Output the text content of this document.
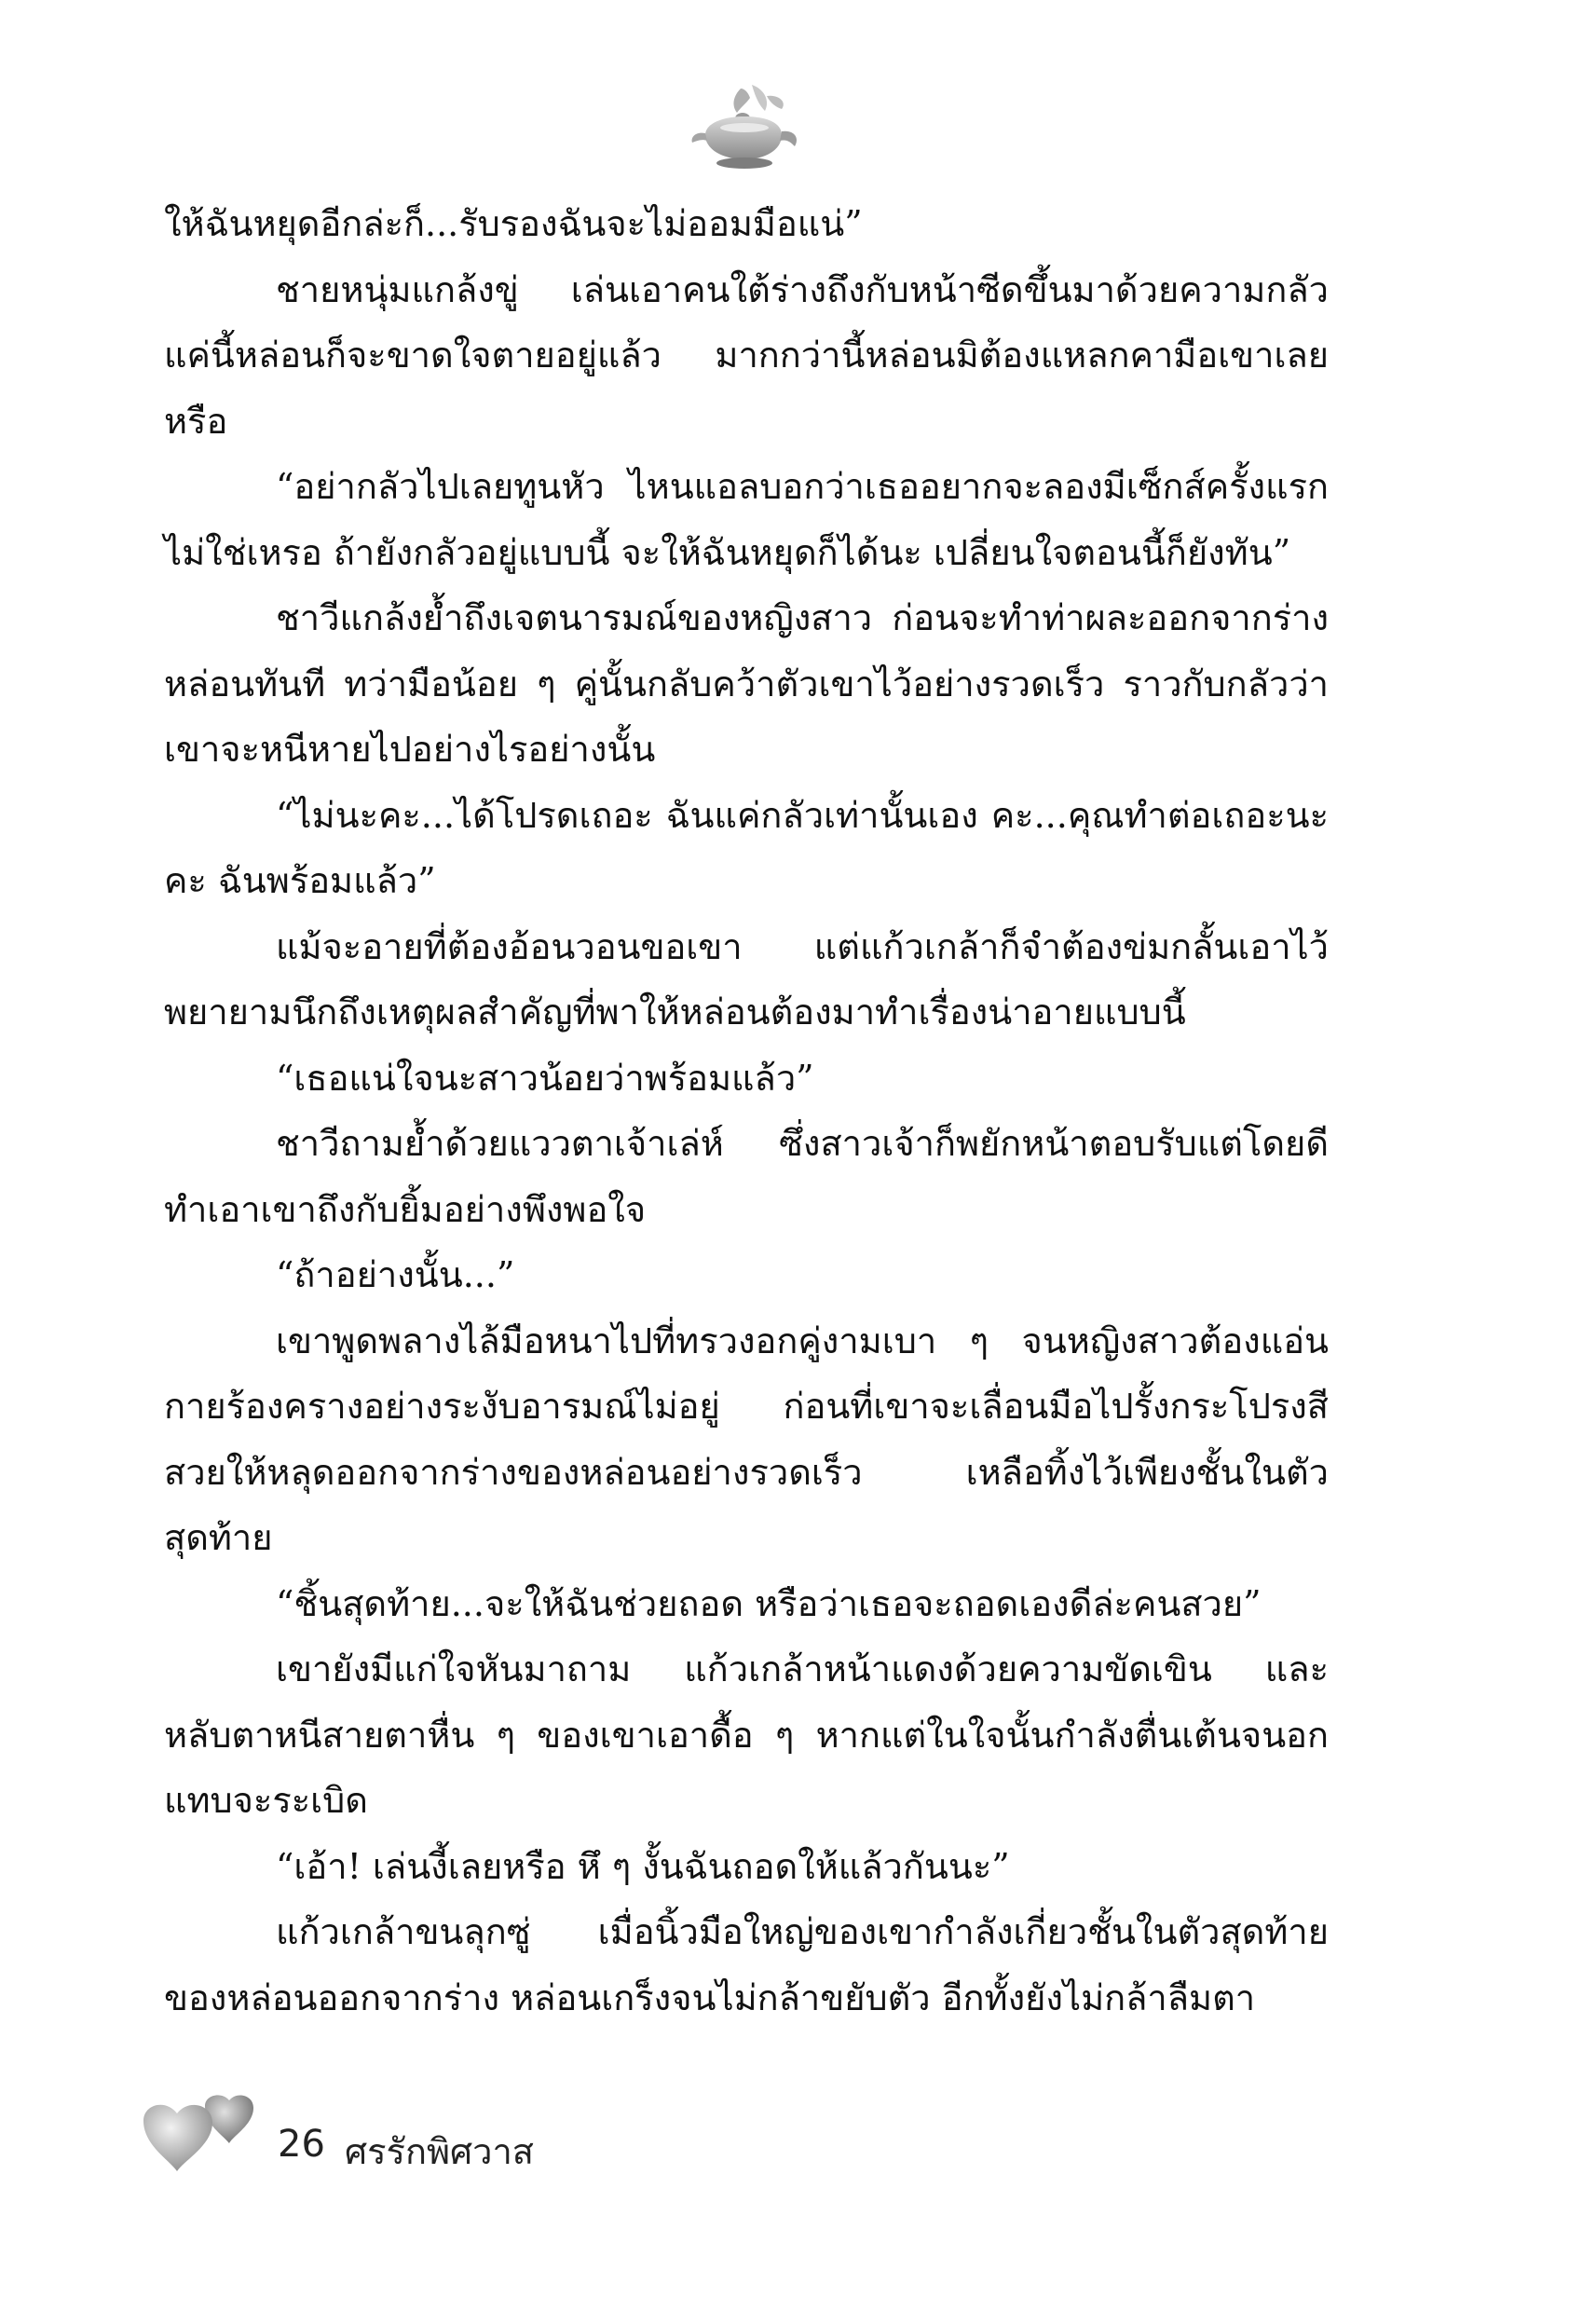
ให้ฉันหยุดอีกล่ะก็...รับรองฉันจะไม่ออมมือแน่”

ชายหนุ่มแกล้งขู่ เล่นเอาคนใต้ร่างถึงกับหน้าซีดขึ้นมาด้วยความกลัว แค่นี้หล่อนก็จะขาดใจตายอยู่แล้ว มากกว่านี้หล่อนมิต้องแหลกคามือเขาเลยหรือ

“อย่ากลัวไปเลยทูนหัว ไหนแอลบอกว่าเธออยากจะลองมีเซ็กส์ครั้งแรกไม่ใช่เหรอ ถ้ายังกลัวอยู่แบบนี้ จะให้ฉันหยุดก็ได้นะ เปลี่ยนใจตอนนี้ก็ยังทัน”

ชาวีแกล้งย้ำถึงเจตนารมณ์ของหญิงสาว ก่อนจะทำท่าผละออกจากร่างหล่อนทันที ทว่ามือน้อย ๆ คู่นั้นกลับคว้าตัวเขาไว้อย่างรวดเร็ว ราวกับกลัวว่าเขาจะหนีหายไปอย่างไรอย่างนั้น

“ไม่นะคะ...ได้โปรดเถอะ ฉันแค่กลัวเท่านั้นเอง คะ...คุณทำต่อเถอะนะคะ ฉันพร้อมแล้ว”

แม้จะอายที่ต้องอ้อนวอนขอเขา แต่แก้วเกล้าก็จำต้องข่มกลั้นเอาไว้ พยายามนึกถึงเหตุผลสำคัญที่พาให้หล่อนต้องมาทำเรื่องน่าอายแบบนี้

“เธอแน่ใจนะสาวน้อยว่าพร้อมแล้ว”

ชาวีถามย้ำด้วยแววตาเจ้าเล่ห์ ซึ่งสาวเจ้าก็พยักหน้าตอบรับแต่โดยดี ทำเอาเขาถึงกับยิ้มอย่างพึงพอใจ

“ถ้าอย่างนั้น...”

เขาพูดพลางไล้มือหนาไปที่ทรวงอกคู่งามเบา ๆ จนหญิงสาวต้องแอ่นกายร้องครางอย่างระงับอารมณ์ไม่อยู่ ก่อนที่เขาจะเลื่อนมือไปรั้งกระโปรงสีสวยให้หลุดออกจากร่างของหล่อนอย่างรวดเร็ว เหลือทิ้งไว้เพียงชั้นในตัวสุดท้าย

“ชิ้นสุดท้าย...จะให้ฉันช่วยถอด หรือว่าเธอจะถอดเองดีล่ะคนสวย”

เขายังมีแก่ใจหันมาถาม แก้วเกล้าหน้าแดงด้วยความขัดเขิน และหลับตาหนีสายตาหื่น ๆ ของเขาเอาดื้อ ๆ หากแต่ในใจนั้นกำลังตื่นเต้นจนอกแทบจะระเบิด

“เอ้า! เล่นงี้เลยหรือ หึ ๆ งั้นฉันถอดให้แล้วกันนะ”

แก้วเกล้าขนลุกซู่ เมื่อนิ้วมือใหญ่ของเขากำลังเกี่ยวชั้นในตัวสุดท้ายของหล่อนออกจากร่าง หล่อนเกร็งจนไม่กล้าขยับตัว อีกทั้งยังไม่กล้าลืมตา

26 ศรรักพิศวาส
